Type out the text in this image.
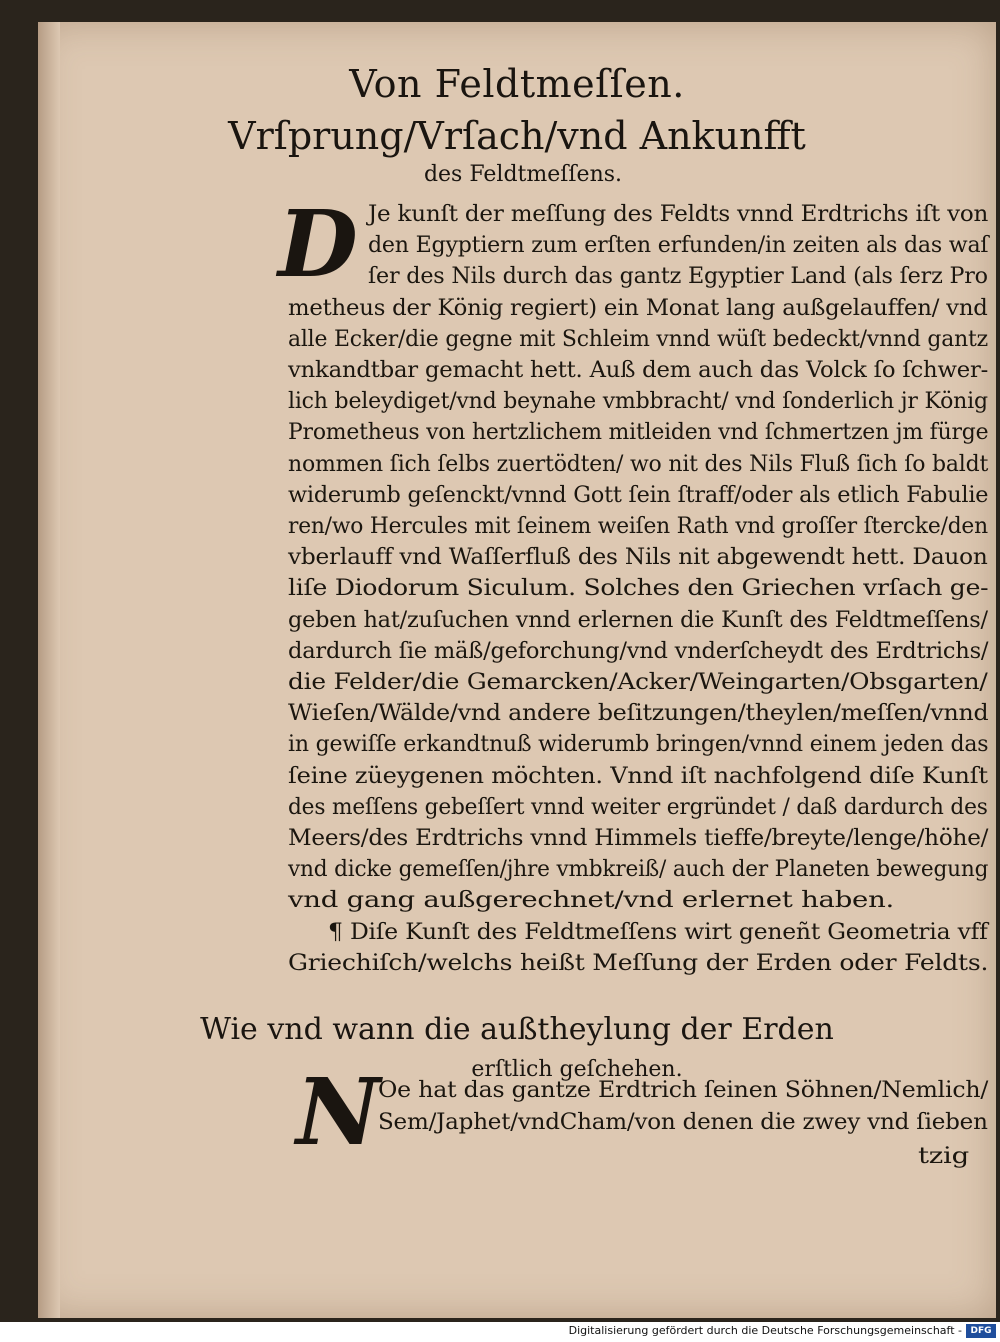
Von Feldtmeſſen.
Vrſprung/Vrſach/vnd Ankunfft
des Feldtmeſſens.
D Je kunſt der meſſung des Feldts vnnd Erdtrichs iſt von
den Egyptiern zum erſten erfunden/in zeiten als das waſ
ſer des Nils durch das gantz Egyptier Land (als ſerz Pro
metheus der König regiert) ein Monat lang außgelauffen/ vnd
alle Ecker/die gegne mit Schleim vnnd wüſt bedeckt/vnnd gantz
vnkandtbar gemacht hett. Auß dem auch das Volck ſo ſchwer-
lich beleydiget/vnd beynahe vmbbracht/ vnd ſonderlich jr König
Prometheus von hertzlichem mitleiden vnd ſchmertzen jm fürge
nommen ſich ſelbs zuertödten/ wo nit des Nils Fluß ſich ſo baldt
widerumb geſenckt/vnnd Gott ſein ſtraff/oder als etlich Fabulie
ren/wo Hercules mit ſeinem weiſen Rath vnd groſſer ſtercke/den
vberlauff vnd Waſſerfluß des Nils nit abgewendt hett. Dauon
liſe Diodorum Siculum. Solches den Griechen vrſach ge-
geben hat/zuſuchen vnnd erlernen die Kunſt des Feldtmeſſens/
dardurch ſie mäß/geforchung/vnd vnderſcheydt des Erdtrichs/
die Felder/die Gemarcken/Acker/Weingarten/Obsgarten/
Wieſen/Wälde/vnd andere beſitzungen/theylen/meſſen/vnnd
in gewiſſe erkandtnuß widerumb bringen/vnnd einem jeden das
ſeine züeygenen möchten. Vnnd iſt nachfolgend diſe Kunſt
des meſſens gebeſſert vnnd weiter ergründet / daß dardurch des
Meers/des Erdtrichs vnnd Himmels tieffe/breyte/lenge/höhe/
vnd dicke gemeſſen/jhre vmbkreiß/ auch der Planeten bewegung
vnd gang außgerechnet/vnd erlernet haben.
¶ Diſe Kunſt des Feldtmeſſens wirt geneñt Geometria vff
Griechiſch/welchs heißt Meſſung der Erden oder Feldts.
Wie vnd wann die außtheylung der Erden
erſtlich geſchehen.
N
Oe hat das gantze Erdtrich ſeinen Söhnen/Nemlich/
Sem/Japhet/vndCham/von denen die zwey vnd ſieben
tzig
Digitalisierung gefördert durch die Deutsche Forschungsgemeinschaft - DFG
